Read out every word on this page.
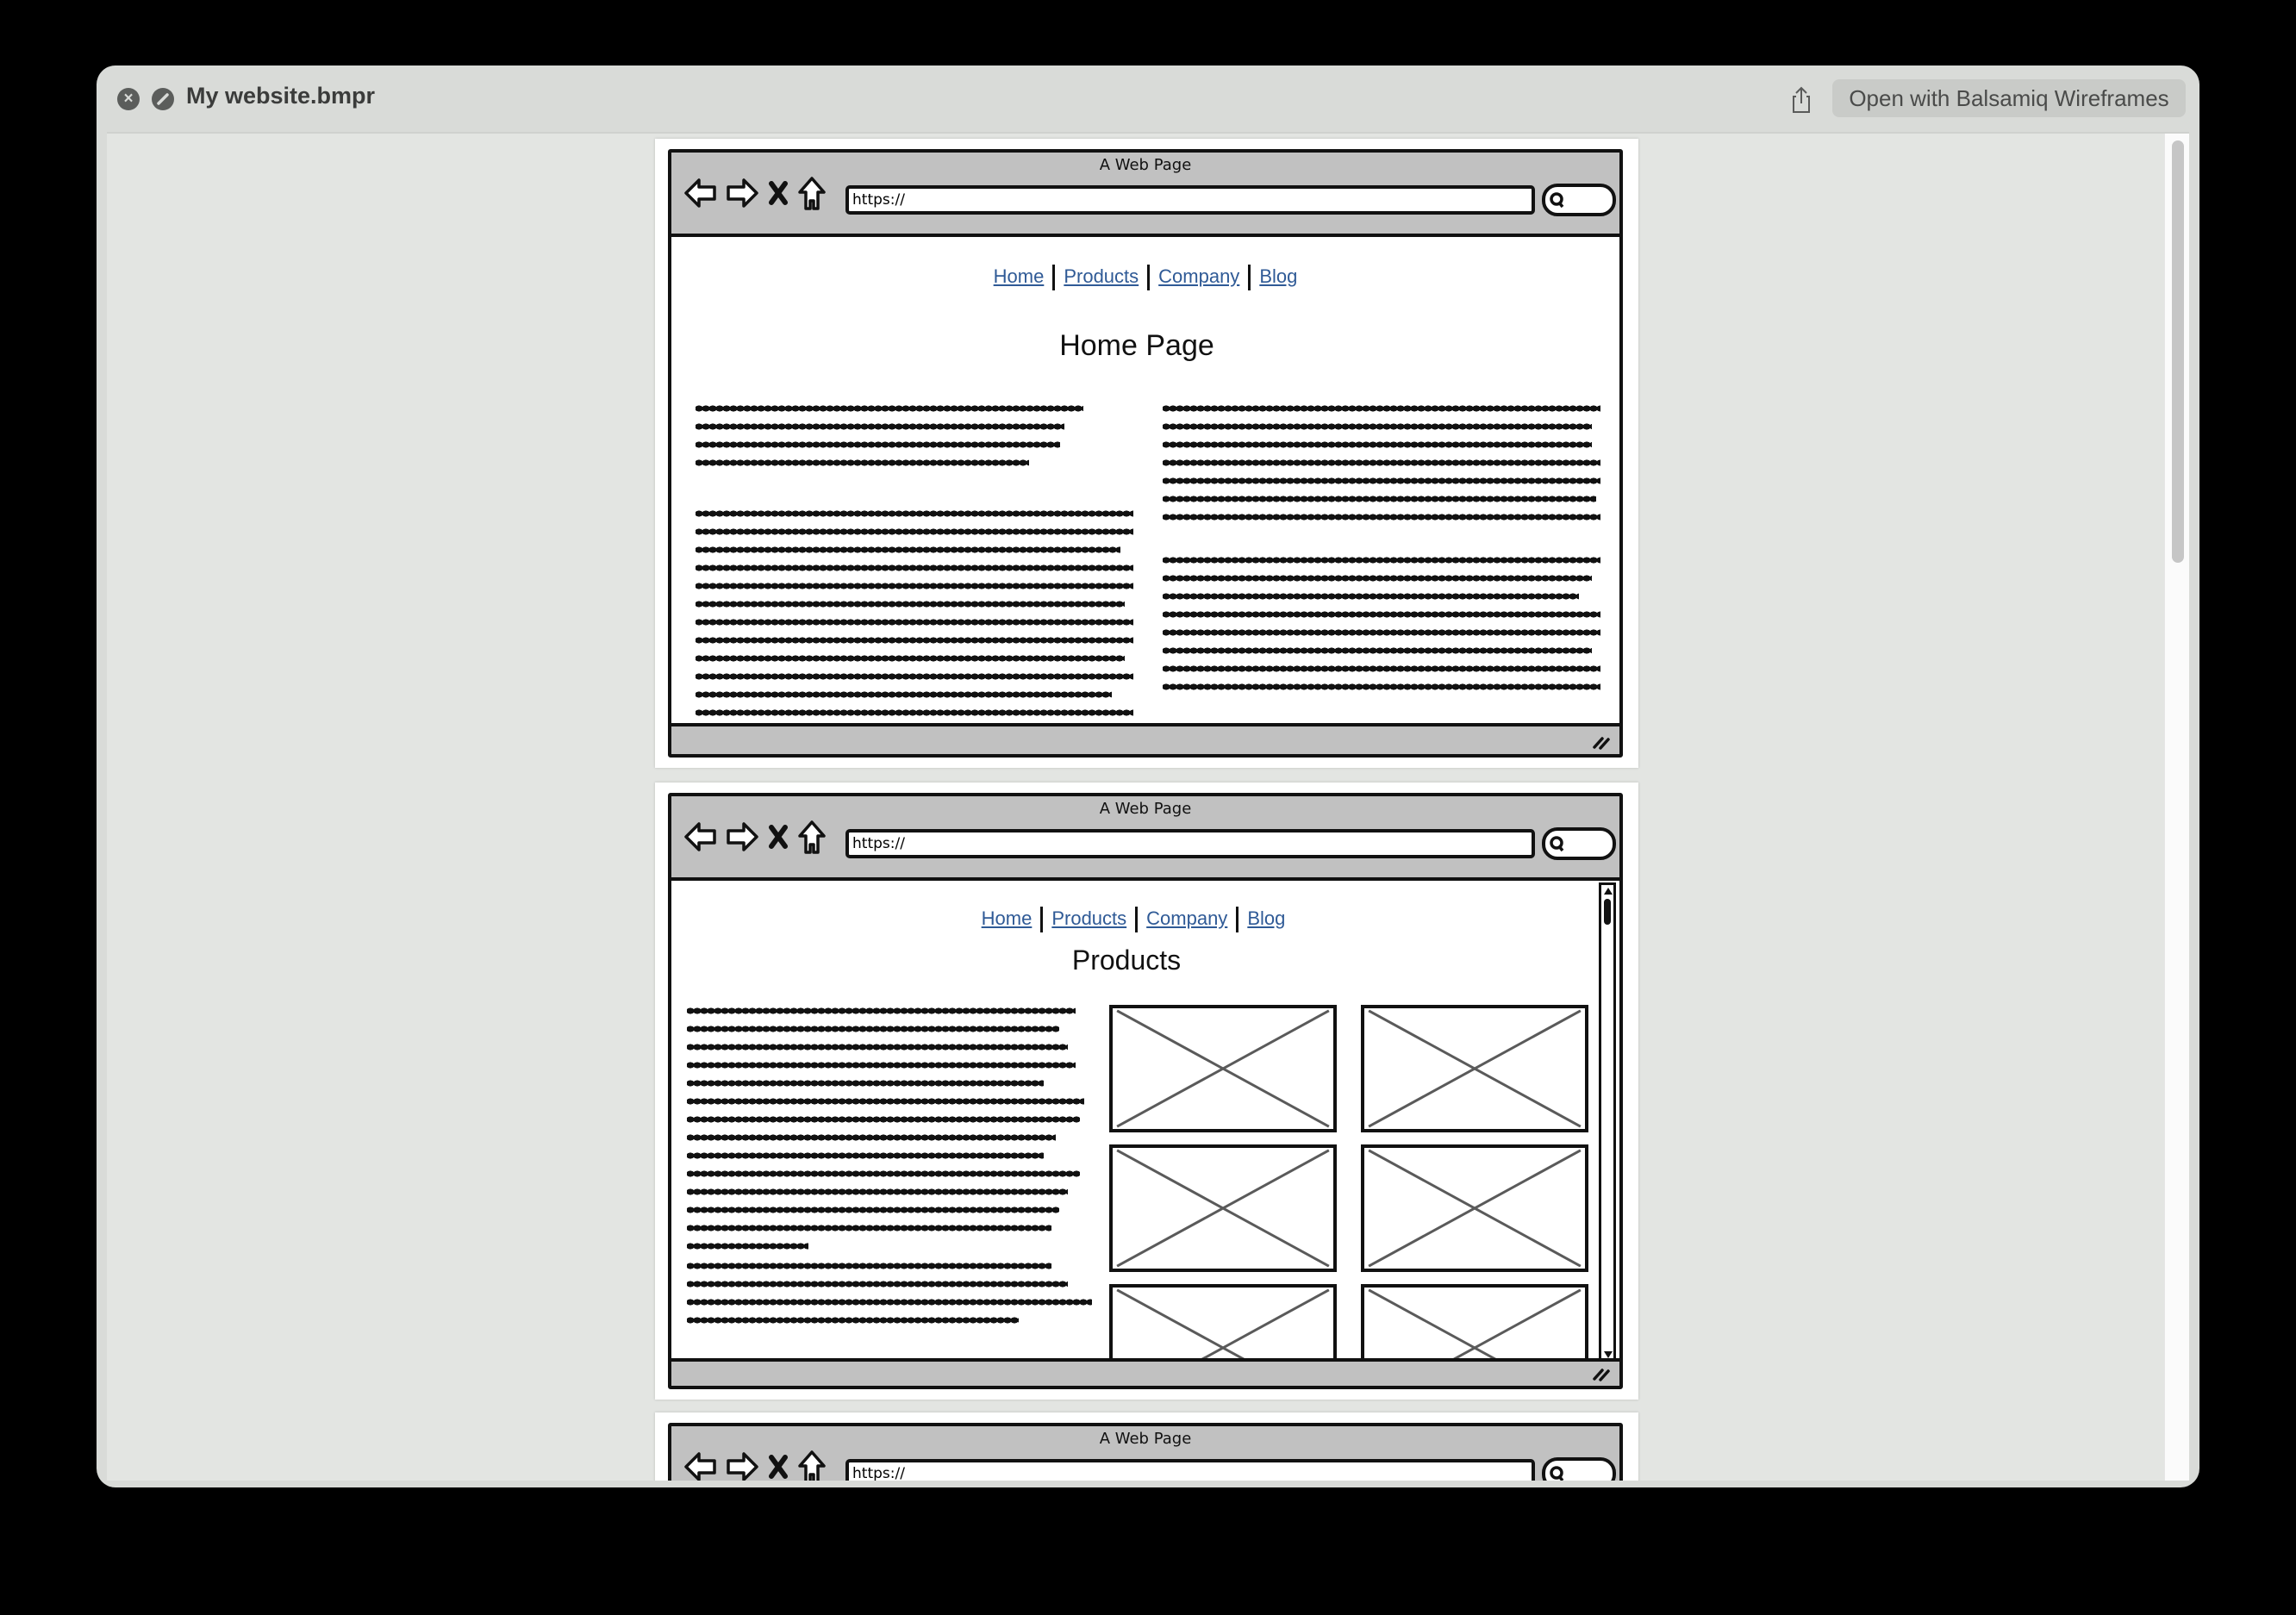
× My website.bmpr	Open with Balsamiq Wireframes
A Web Page
https://
Home Products Company Blog
Home Page
A Web Page
https://
Home Products Company Blog
Products
A Web Page
https://
